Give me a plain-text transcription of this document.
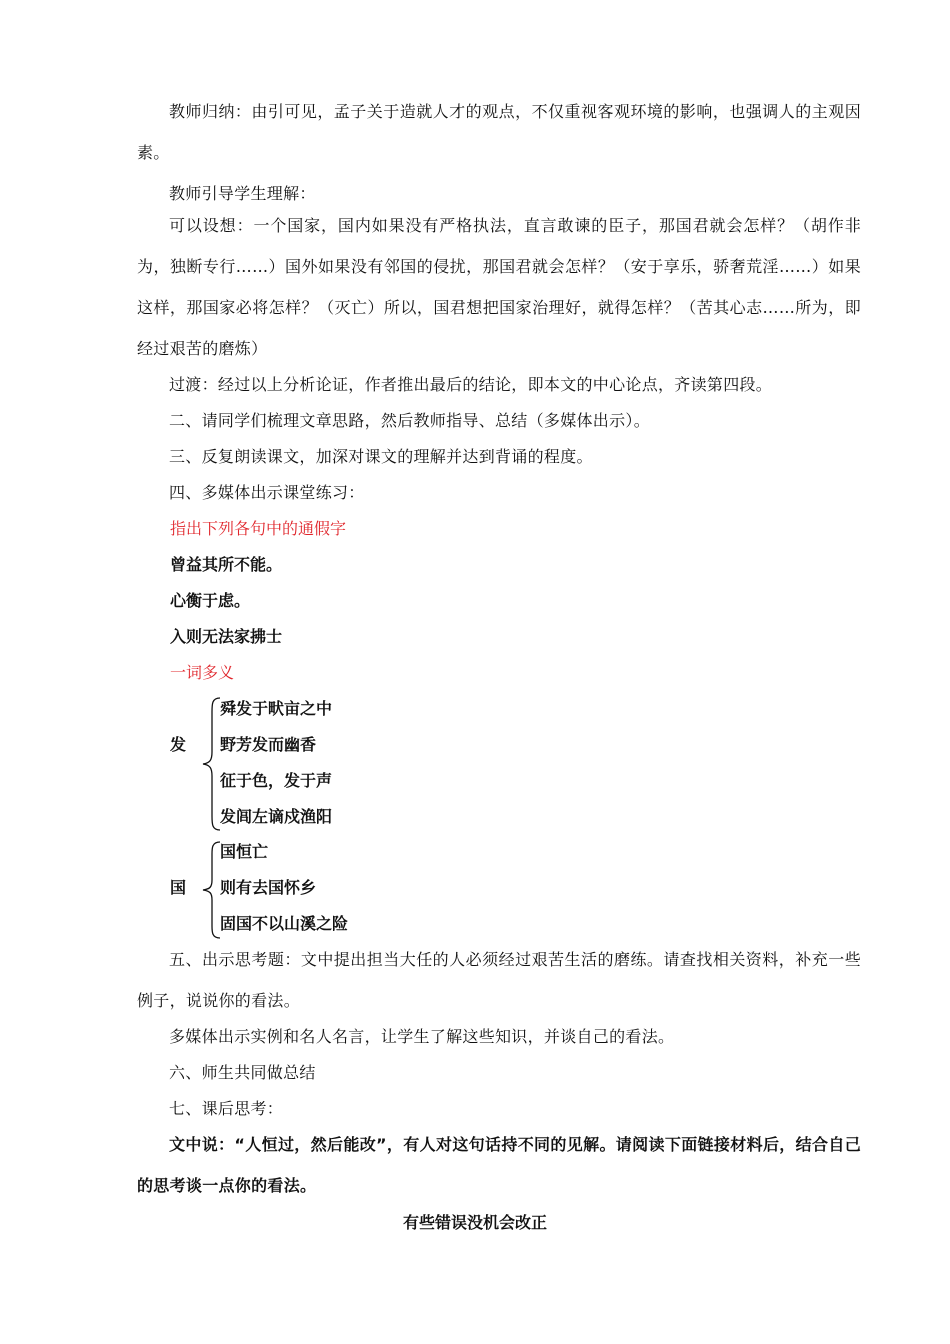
教师归纳：由引可见，孟子关于造就人才的观点，不仅重视客观环境的影响，也强调人的主观因素。

教师引导学生理解：

可以设想：一个国家，国内如果没有严格执法，直言敢谏的臣子，那国君就会怎样？（胡作非为，独断专行……）国外如果没有邻国的侵扰，那国君就会怎样？（安于享乐，骄奢荒淫……）如果这样，那国家必将怎样？（灭亡）所以，国君想把国家治理好，就得怎样？（苦其心志……所为，即经过艰苦的磨炼）

过渡：经过以上分析论证，作者推出最后的结论，即本文的中心论点，齐读第四段。

二、请同学们梳理文章思路，然后教师指导、总结（多媒体出示）。

三、反复朗读课文，加深对课文的理解并达到背诵的程度。

四、多媒体出示课堂练习：

指出下列各句中的通假字
曾益其所不能。
心衡于虑。
入则无法家拂士
一词多义
发
舜发于畎亩之中
野芳发而幽香
征于色，发于声
发闾左谪戍渔阳
国
国恒亡
则有去国怀乡
固国不以山溪之险

五、出示思考题：文中提出担当大任的人必须经过艰苦生活的磨练。请查找相关资料，补充一些例子，说说你的看法。

多媒体出示实例和名人名言，让学生了解这些知识，并谈自己的看法。

六、师生共同做总结

七、课后思考：

文中说：“人恒过，然后能改”，有人对这句话持不同的见解。请阅读下面链接材料后，结合自己的思考谈一点你的看法。

有些错误没机会改正
